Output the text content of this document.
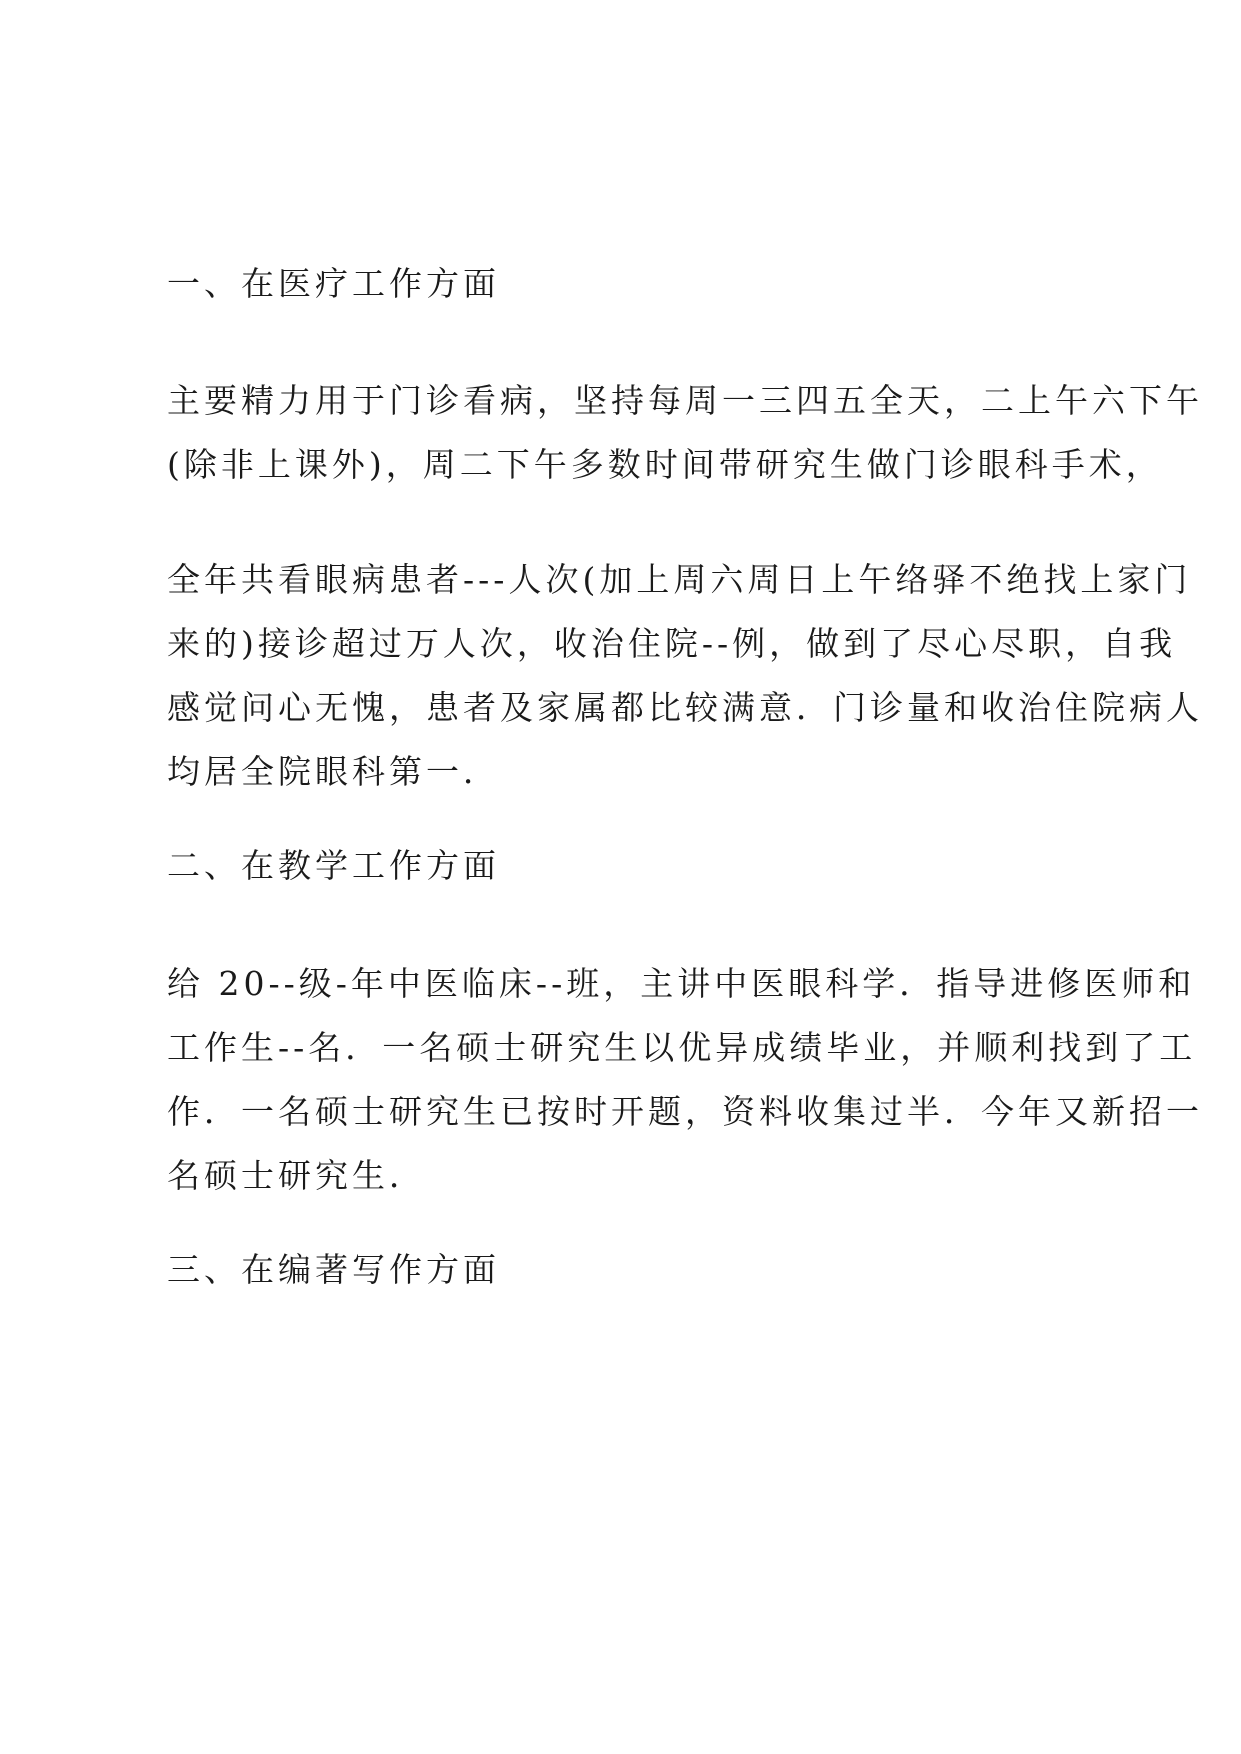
一、在医疗工作方面
主要精力用于门诊看病，坚持每周一三四五全天，二上午六下午
(除非上课外)，周二下午多数时间带研究生做门诊眼科手术，
全年共看眼病患者---人次(加上周六周日上午络驿不绝找上家门
来的)接诊超过万人次，收治住院--例，做到了尽心尽职，自我
感觉问心无愧，患者及家属都比较满意．门诊量和收治住院病人
均居全院眼科第一．
二、在教学工作方面
给 20--级-年中医临床--班，主讲中医眼科学．指导进修医师和
工作生--名．一名硕士研究生以优异成绩毕业，并顺利找到了工
作．一名硕士研究生已按时开题，资料收集过半．今年又新招一
名硕士研究生．
三、在编著写作方面
